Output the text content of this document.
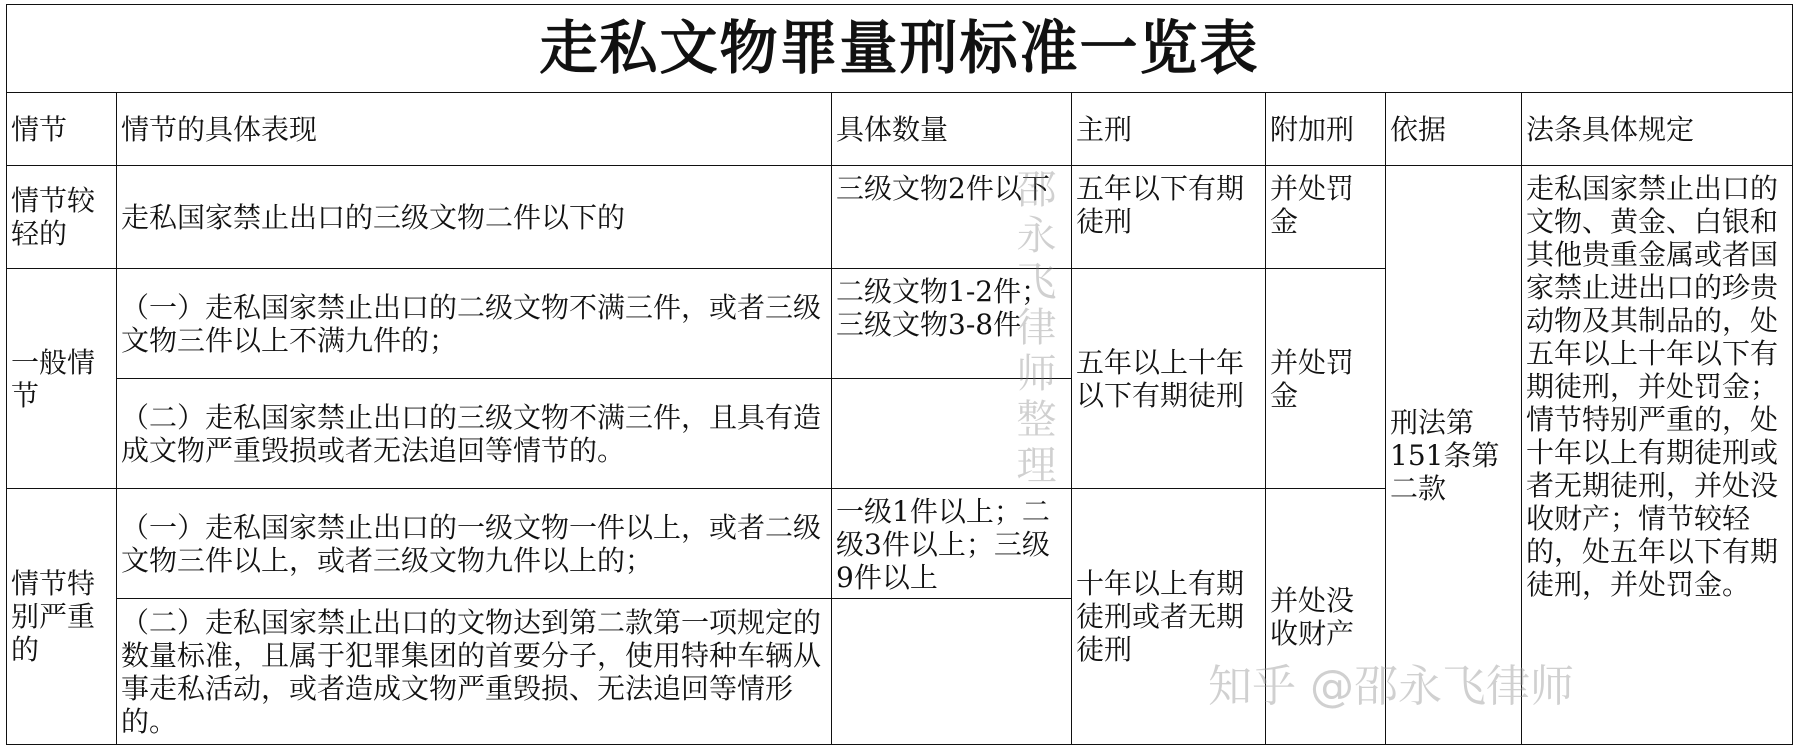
走私文物罪量刑标准一览表						
情节	情节的具体表现	具体数量	主刑	附加刑	依据	法条具体规定
情节较轻的	走私国家禁止出口的三级文物二件以下的	三级文物2件以下	五年以下有期徒刑	并处罚金	刑法第151条第二款	走私国家禁止出口的文物、黄金、白银和其他贵重金属或者国家禁止进出口的珍贵动物及其制品的，处五年以上十年以下有期徒刑，并处罚金；情节特别严重的，处十年以上有期徒刑或者无期徒刑，并处没收财产；情节较轻的，处五年以下有期徒刑，并处罚金。
一般情节	（一）走私国家禁止出口的二级文物不满三件，或者三级文物三件以上不满九件的；	二级文物1-2件；三级文物3-8件	五年以上十年以下有期徒刑	并处罚金		
	（二）走私国家禁止出口的三级文物不满三件，且具有造成文物严重毁损或者无法追回等情节的。					
情节特别严重的	（一）走私国家禁止出口的一级文物一件以上，或者二级文物三件以上，或者三级文物九件以上的；	一级1件以上；二级3件以上；三级9件以上	十年以上有期徒刑或者无期徒刑	并处没收财产		
	（二）走私国家禁止出口的文物达到第二款第一项规定的数量标准，且属于犯罪集团的首要分子，使用特种车辆从事走私活动，或者造成文物严重毁损、无法追回等情形的。					
邵永飞律师整理
知乎 @邵永飞律师
